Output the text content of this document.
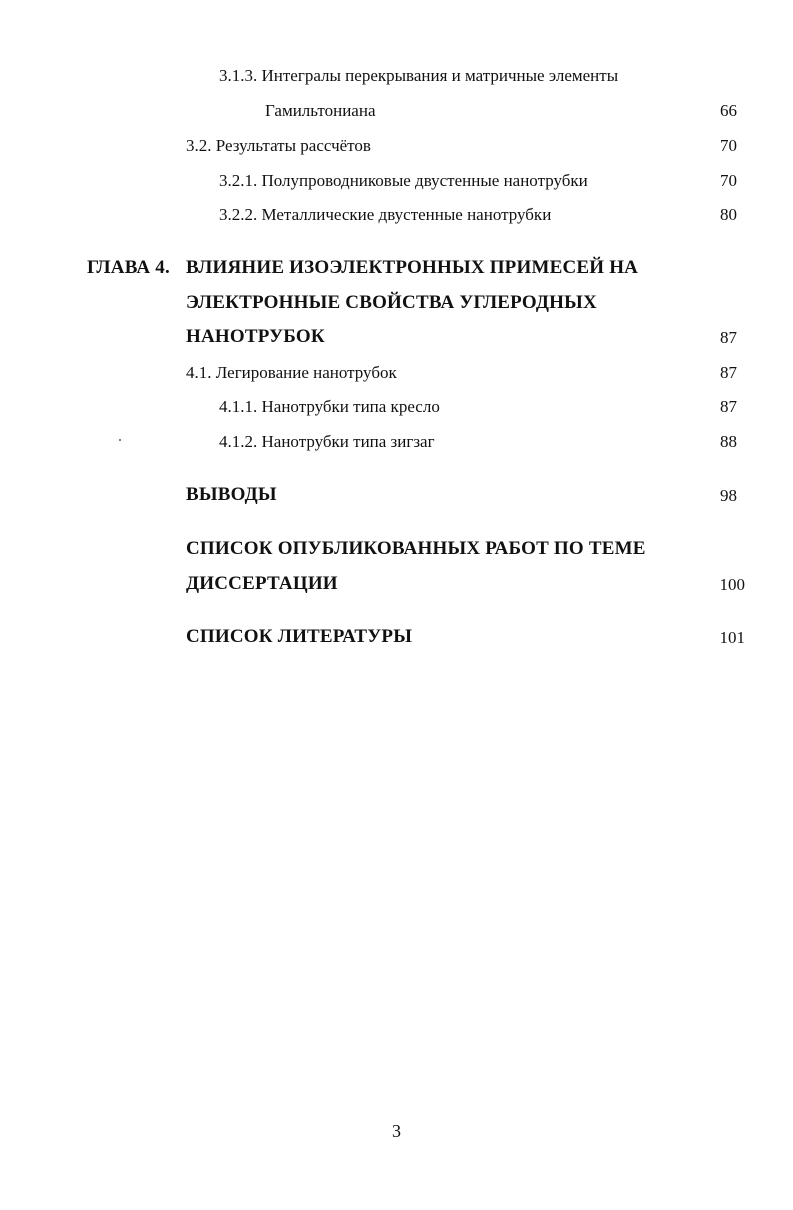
3.1.3. Интегралы перекрывания и матричные элементы
Гамильтониана	66
3.2. Результаты рассчётов	70
3.2.1. Полупроводниковые двустенные нанотрубки	70
3.2.2. Металлические двустенные нанотрубки	80
ГЛАВА 4. ВЛИЯНИЕ ИЗОЭЛЕКТРОННЫХ ПРИМЕСЕЙ НА
ЭЛЕКТРОННЫЕ СВОЙСТВА УГЛЕРОДНЫХ
НАНОТРУБОК	87
4.1. Легирование нанотрубок	87
4.1.1. Нанотрубки типа кресло	87
4.1.2. Нанотрубки типа зигзаг	88
ВЫВОДЫ	98
СПИСОК ОПУБЛИКОВАННЫХ РАБОТ ПО ТЕМЕ
ДИССЕРТАЦИИ	100
СПИСОК ЛИТЕРАТУРЫ	101
3
